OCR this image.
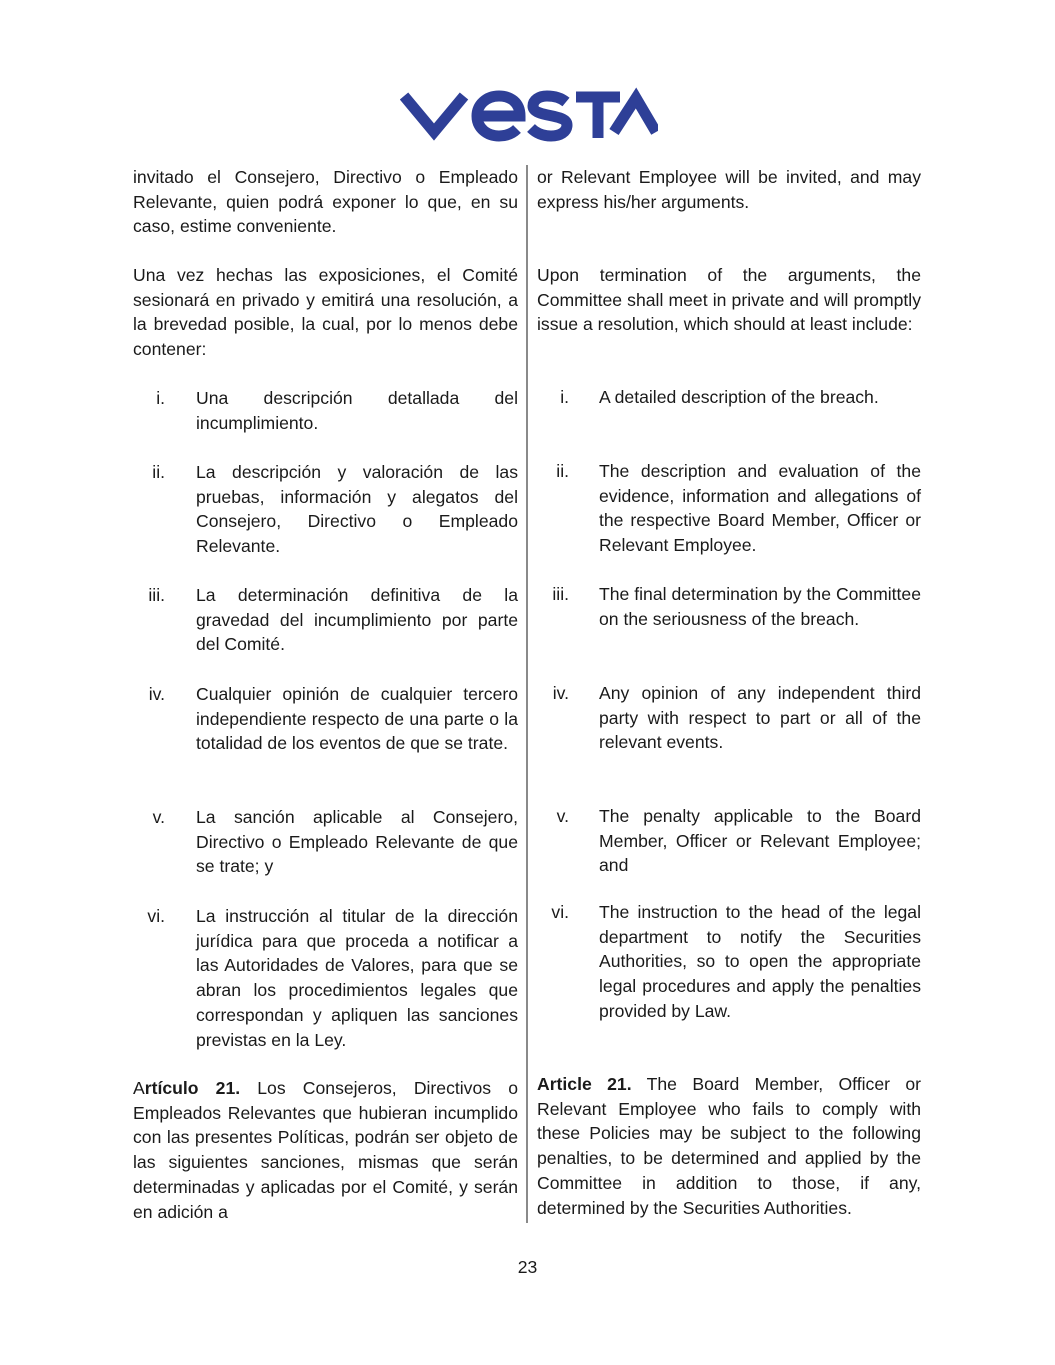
invitado el Consejero, Directivo o Empleado Relevante, quien podrá exponer lo que, en su caso, estime conveniente.
Una vez hechas las exposiciones, el Comité sesionará en privado y emitirá una resolución, a la brevedad posible, la cual, por lo menos debe contener:
i. Una descripción detallada del incumplimiento.
ii. La descripción y valoración de las pruebas, información y alegatos del Consejero, Directivo o Empleado Relevante.
iii. La determinación definitiva de la gravedad del incumplimiento por parte del Comité.
iv. Cualquier opinión de cualquier tercero independiente respecto de una parte o la totalidad de los eventos de que se trate.
v. La sanción aplicable al Consejero, Directivo o Empleado Relevante de que se trate; y
vi. La instrucción al titular de la dirección jurídica para que proceda a notificar a las Autoridades de Valores, para que se abran los procedimientos legales que correspondan y apliquen las sanciones previstas en la Ley.
Artículo 21. Los Consejeros, Directivos o Empleados Relevantes que hubieran incumplido con las presentes Políticas, podrán ser objeto de las siguientes sanciones, mismas que serán determinadas y aplicadas por el Comité, y serán en adición a
or Relevant Employee will be invited, and may express his/her arguments.
Upon termination of the arguments, the Committee shall meet in private and will promptly issue a resolution, which should at least include:
i. A detailed description of the breach.
ii. The description and evaluation of the evidence, information and allegations of the respective Board Member, Officer or Relevant Employee.
iii. The final determination by the Committee on the seriousness of the breach.
iv. Any opinion of any independent third party with respect to part or all of the relevant events.
v. The penalty applicable to the Board Member, Officer or Relevant Employee; and
vi. The instruction to the head of the legal department to notify the Securities Authorities, so to open the appropriate legal procedures and apply the penalties provided by Law.
Article 21. The Board Member, Officer or Relevant Employee who fails to comply with these Policies may be subject to the following penalties, to be determined and applied by the Committee in addition to those, if any, determined by the Securities Authorities.
23
